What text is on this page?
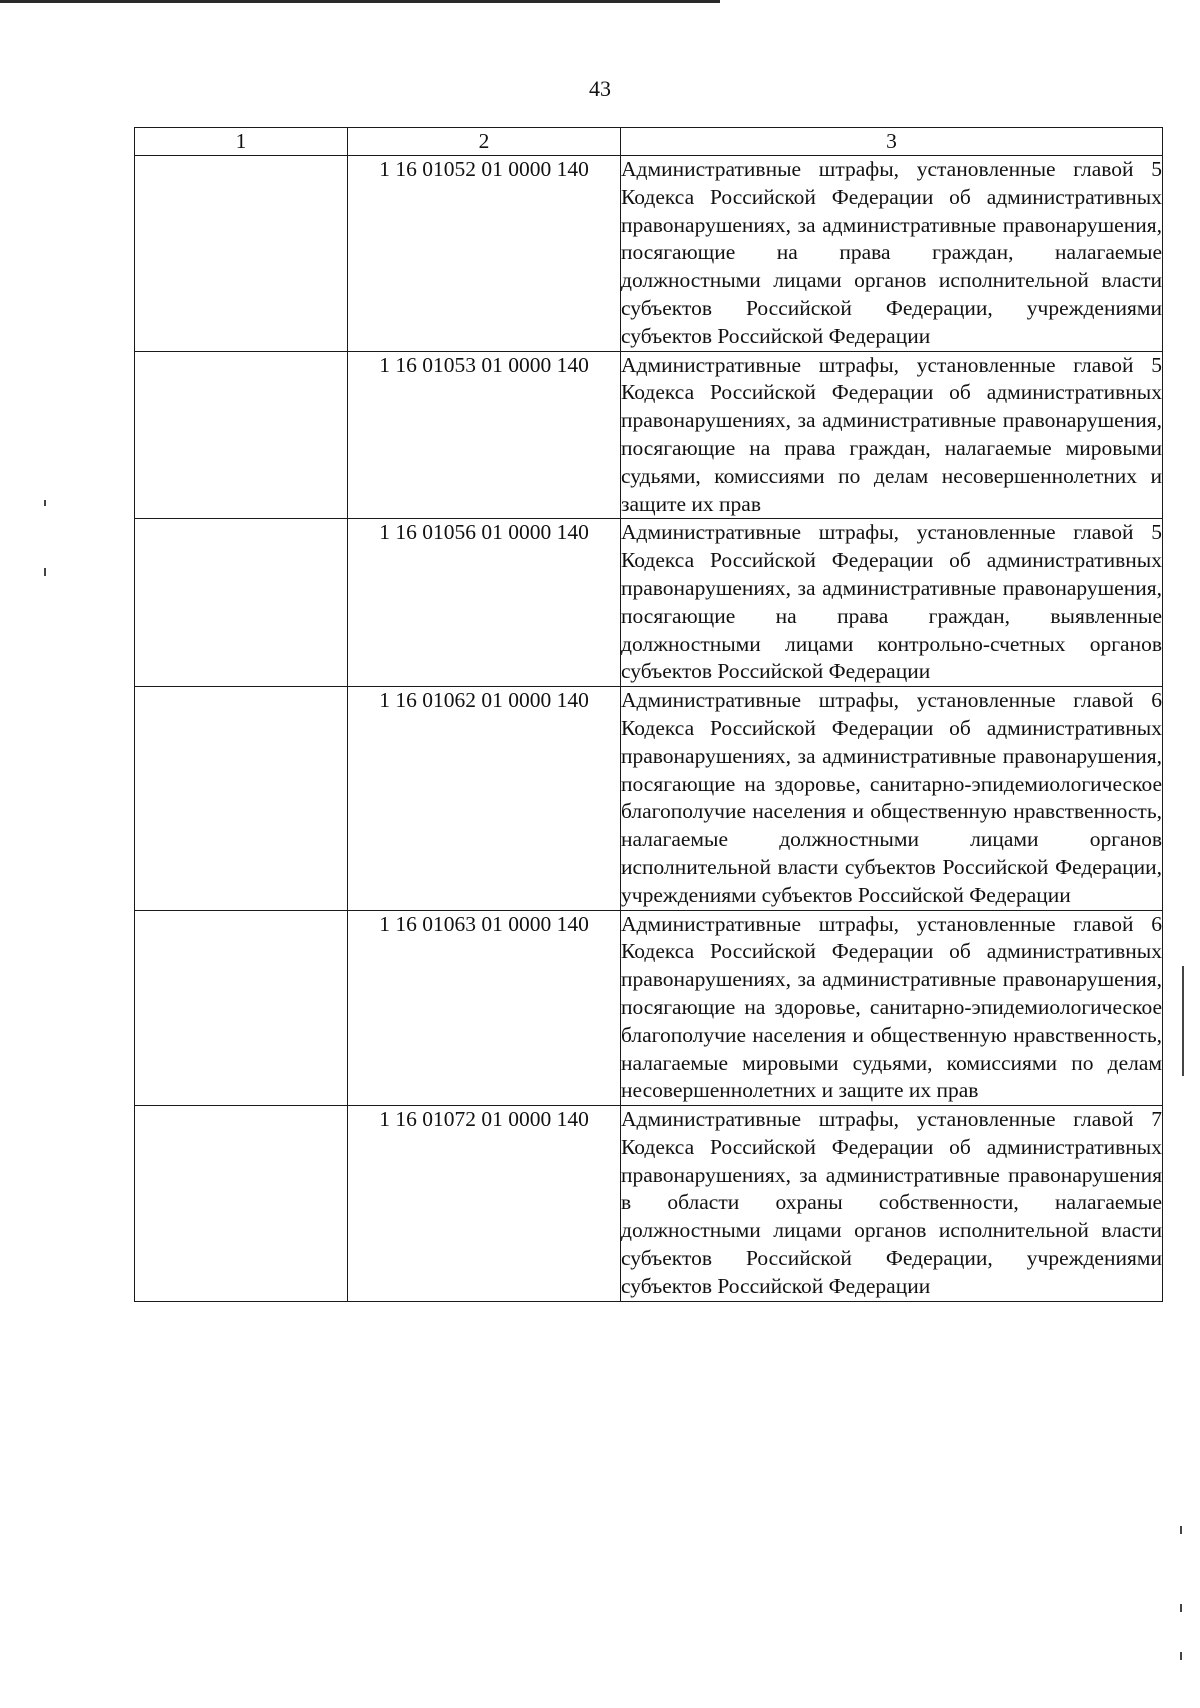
43
1	2	3
	1 16 01052 01 0000 140	Административные штрафы, установленные главой 5 Кодекса Российской Федерации об административных правонарушениях, за административные правонарушения, посягающие на права граждан, налагаемые должностными лицами органов исполнительной власти субъектов Российской Федерации, учреждениями субъектов Российской Федерации

	1 16 01053 01 0000 140	Административные штрафы, установленные главой 5 Кодекса Российской Федерации об административных правонарушениях, за административные правонарушения, посягающие на права граждан, налагаемые мировыми судьями, комиссиями по делам несовершеннолетних и защите их прав

	1 16 01056 01 0000 140	Административные штрафы, установленные главой 5 Кодекса Российской Федерации об административных правонарушениях, за административные правонарушения, посягающие на права граждан, выявленные должностными лицами контрольно-счетных органов субъектов Российской Федерации

	1 16 01062 01 0000 140	Административные штрафы, установленные главой 6 Кодекса Российской Федерации об административных правонарушениях, за административные правонарушения, посягающие на здоровье, санитарно-эпидемиологическое благополучие населения и общественную нравственность, налагаемые должностными лицами органов исполнительной власти субъектов Российской Федерации, учреждениями субъектов Российской Федерации

	1 16 01063 01 0000 140	Административные штрафы, установленные главой 6 Кодекса Российской Федерации об административных правонарушениях, за административные правонарушения, посягающие на здоровье, санитарно-эпидемиологическое благополучие населения и общественную нравственность, налагаемые мировыми судьями, комиссиями по делам несовершеннолетних и защите их прав

	1 16 01072 01 0000 140	Административные штрафы, установленные главой 7 Кодекса Российской Федерации об административных правонарушениях, за административные правонарушения в области охраны собственности, налагаемые должностными лицами органов исполнительной власти субъектов Российской Федерации, учреждениями субъектов Российской Федерации
